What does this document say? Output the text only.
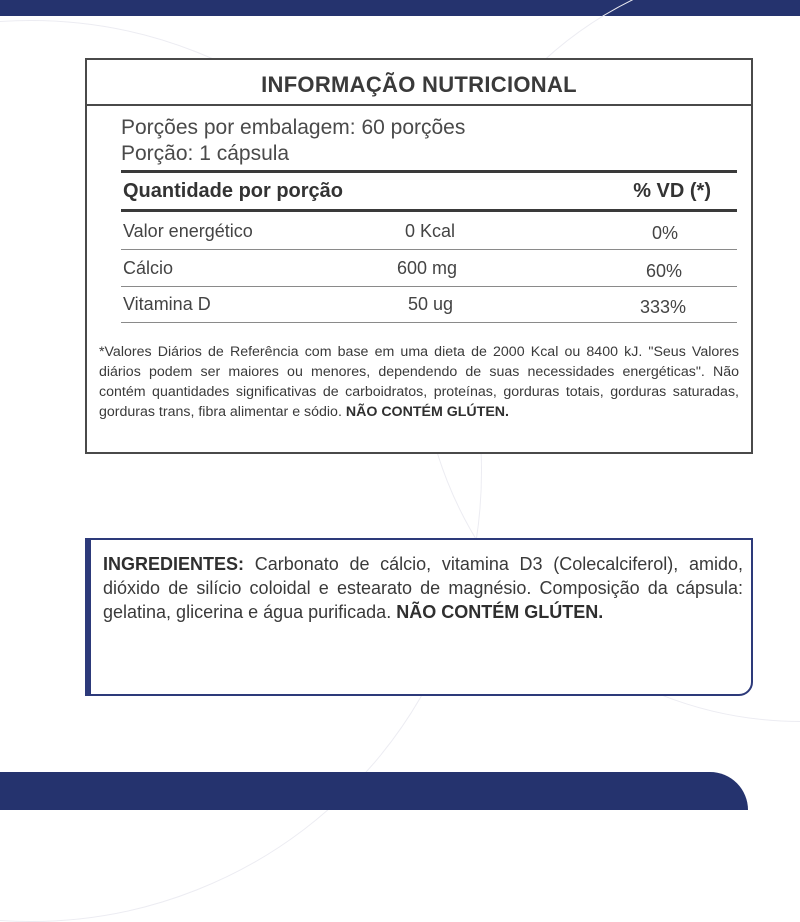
INFORMAÇÃO NUTRICIONAL
Porções por embalagem: 60 porções
Porção: 1 cápsula
Quantidade por porção	% VD (*)
Valor energético	0 Kcal	0%
Cálcio	600 mg	60%
Vitamina D	50 ug	333%
*Valores Diários de Referência com base em uma dieta de 2000 Kcal ou 8400 kJ. "Seus Valores diários podem ser maiores ou menores, dependendo de suas necessidades energéticas". Não contém quantidades significativas de carboidratos, proteínas, gorduras totais, gorduras saturadas, gorduras trans, fibra alimentar e sódio. NÃO CONTÉM GLÚTEN.
INGREDIENTES: Carbonato de cálcio, vitamina D3 (Colecalciferol), amido, dióxido de silício coloidal e estearato de magnésio. Composição da cápsula: gelatina, glicerina e água purificada. NÃO CONTÉM GLÚTEN.
